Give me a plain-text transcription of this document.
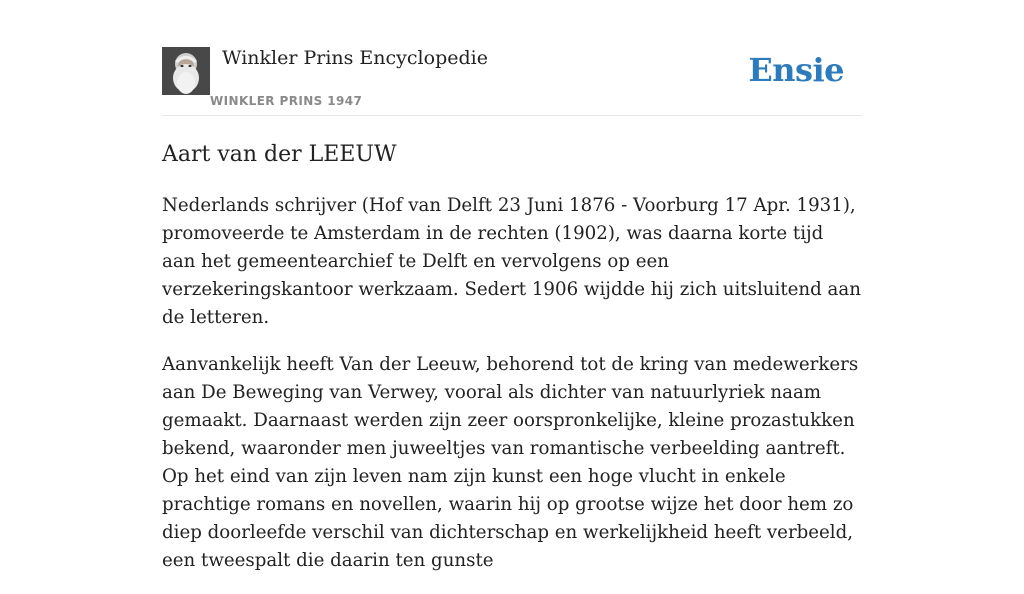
Winkler Prins Encyclopedie
WINKLER PRINS 1947
Ensie
Aart van der LEEUW

Nederlands schrijver (Hof van Delft 23 Juni 1876 - Voorburg 17 Apr. 1931), promoveerde te Amsterdam in de rechten (1902), was daarna korte tijd aan het gemeentearchief te Delft en vervolgens op een verzekeringskantoor werkzaam. Sedert 1906 wijdde hij zich uitsluitend aan de letteren.

Aanvankelijk heeft Van der Leeuw, behorend tot de kring van medewerkers aan De Beweging van Verwey, vooral als dichter van natuurlyriek naam gemaakt. Daarnaast werden zijn zeer oorspronkelijke, kleine prozastukken bekend, waaronder men juweeltjes van romantische verbeelding aantreft. Op het eind van zijn leven nam zijn kunst een hoge vlucht in enkele prachtige romans en novellen, waarin hij op grootse wijze het door hem zo diep doorleefde verschil van dichterschap en werkelijkheid heeft verbeeld, een tweespalt die daarin ten gunste
